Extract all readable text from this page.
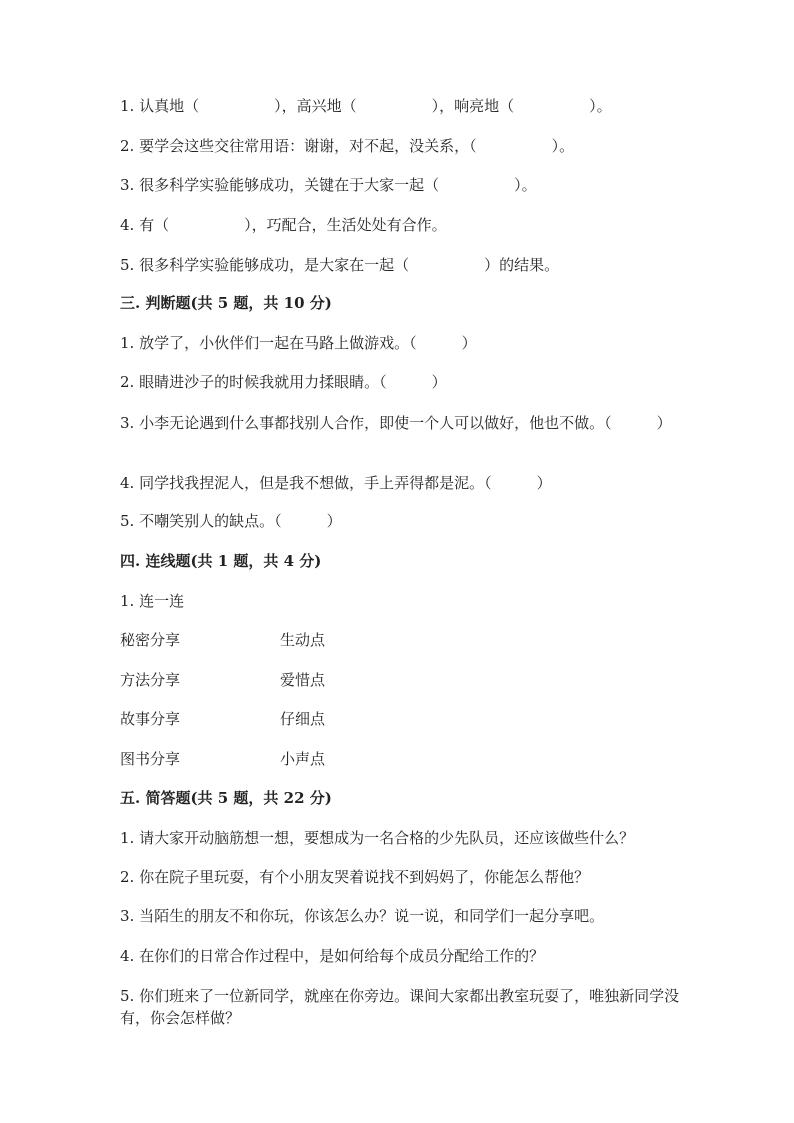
1. 认真地（　　　　　），高兴地（　　　　　），响亮地（　　　　　）。
2. 要学会这些交往常用语：谢谢，对不起，没关系，（　　　　　）。
3. 很多科学实验能够成功，关键在于大家一起（　　　　　）。
4. 有（　　　　　），巧配合，生活处处有合作。
5. 很多科学实验能够成功，是大家在一起（　　　　　）的结果。
三. 判断题(共 5 题，共 10 分)
1. 放学了，小伙伴们一起在马路上做游戏。（　　　）
2. 眼睛进沙子的时候我就用力揉眼睛。（　　　）
3. 小李无论遇到什么事都找别人合作，即使一个人可以做好，他也不做。（　　　）
4. 同学找我捏泥人，但是我不想做，手上弄得都是泥。（　　　）
5. 不嘲笑别人的缺点。（　　　）
四. 连线题(共 1 题，共 4 分)
1. 连一连
秘密分享	生动点
方法分享	爱惜点
故事分享	仔细点
图书分享	小声点
五. 简答题(共 5 题，共 22 分)
1. 请大家开动脑筋想一想，要想成为一名合格的少先队员，还应该做些什么？
2. 你在院子里玩耍，有个小朋友哭着说找不到妈妈了，你能怎么帮他？
3. 当陌生的朋友不和你玩，你该怎么办？说一说，和同学们一起分享吧。
4. 在你们的日常合作过程中，是如何给每个成员分配给工作的？
5. 你们班来了一位新同学，就座在你旁边。课间大家都出教室玩耍了，唯独新同学没有，你会怎样做？
